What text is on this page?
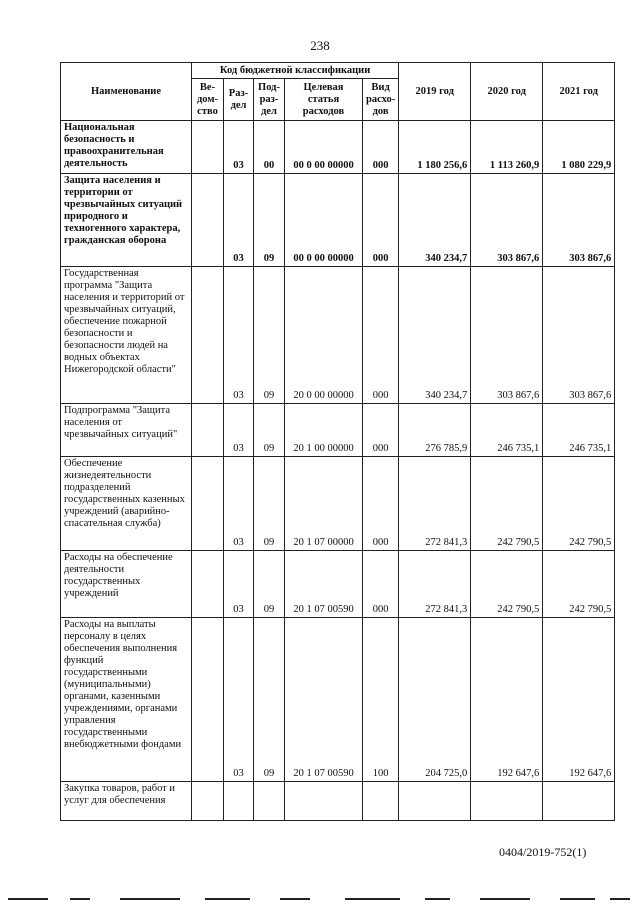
238
Наименование	Код бюджетной классификации					2019 год	2020 год	2021 год
	Ве-дом-ство	Раз-дел	Под-раз-дел	Целевая статья расходов	Вид расхо-дов			

Национальная безопасность и правоохранительная деятельность		03	00	00 0 00 00000	000	1 180 256,6	1 113 260,9	1 080 229,9

Защита населения и территории от чрезвычайных ситуаций природного и техногенного характера, гражданская оборона		03	09	00 0 00 00000	000	340 234,7	303 867,6	303 867,6

Государственная программа "Защита населения и территорий от чрезвычайных ситуаций, обеспечение пожарной безопасности и безопасности людей на водных объектах Нижегородской области"		03	09	20 0 00 00000	000	340 234,7	303 867,6	303 867,6

Подпрограмма "Защита населения от чрезвычайных ситуаций"		03	09	20 1 00 00000	000	276 785,9	246 735,1	246 735,1

Обеспечение жизнедеятельности подразделений государственных казенных учреждений (аварийно-спасательная служба)		03	09	20 1 07 00000	000	272 841,3	242 790,5	242 790,5

Расходы на обеспечение деятельности государственных учреждений		03	09	20 1 07 00590	000	272 841,3	242 790,5	242 790,5

Расходы на выплаты персоналу в целях обеспечения выполнения функций государственными (муниципальными) органами, казенными учреждениями, органами управления государственными внебюджетными фондами		03	09	20 1 07 00590	100	204 725,0	192 647,6	192 647,6

Закупка товаров, работ и услуг для обеспечения								

0404/2019-752(1)
